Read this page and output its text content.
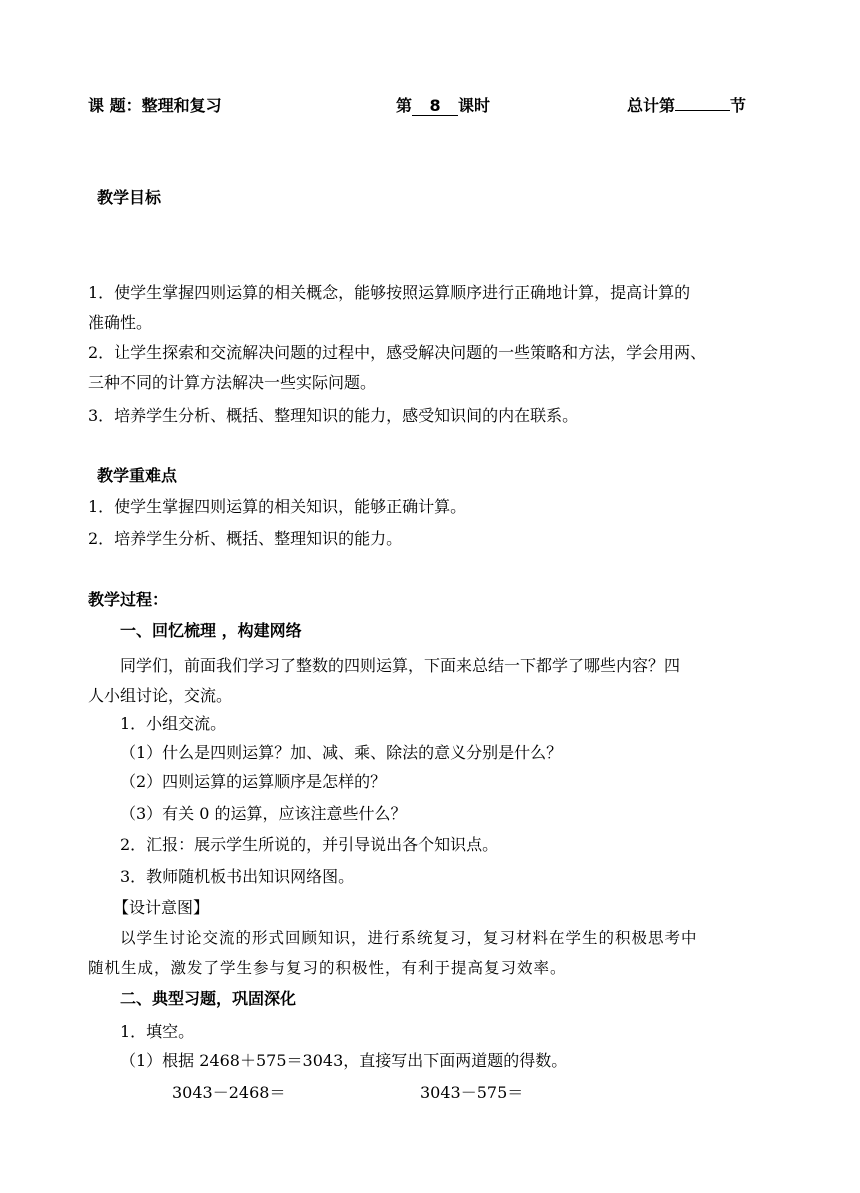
课 题：整理和复习	第 8 课时	总计第	节
教学目标
1．使学生掌握四则运算的相关概念，能够按照运算顺序进行正确地计算，提高计算的
准确性。
2．让学生探索和交流解决问题的过程中，感受解决问题的一些策略和方法，学会用两、
三种不同的计算方法解决一些实际问题。
3．培养学生分析、概括、整理知识的能力，感受知识间的内在联系。
教学重难点
1．使学生掌握四则运算的相关知识，能够正确计算。
2．培养学生分析、概括、整理知识的能力。
教学过程：
一、回忆梳理 ，构建网络
同学们，前面我们学习了整数的四则运算，下面来总结一下都学了哪些内容？四
人小组讨论，交流。
1．小组交流。
（1）什么是四则运算？加、减、乘、除法的意义分别是什么？
（2）四则运算的运算顺序是怎样的？
（3）有关 0 的运算，应该注意些什么？
2．汇报：展示学生所说的，并引导说出各个知识点。
3．教师随机板书出知识网络图。
【设计意图】
以学生讨论交流的形式回顾知识，进行系统复习，复习材料在学生的积极思考中
随机生成，激发了学生参与复习的积极性，有利于提高复习效率。
二、典型习题，巩固深化
1．填空。
（1）根据 2468＋575＝3043，直接写出下面两道题的得数。
3043－2468＝	3043－575＝
